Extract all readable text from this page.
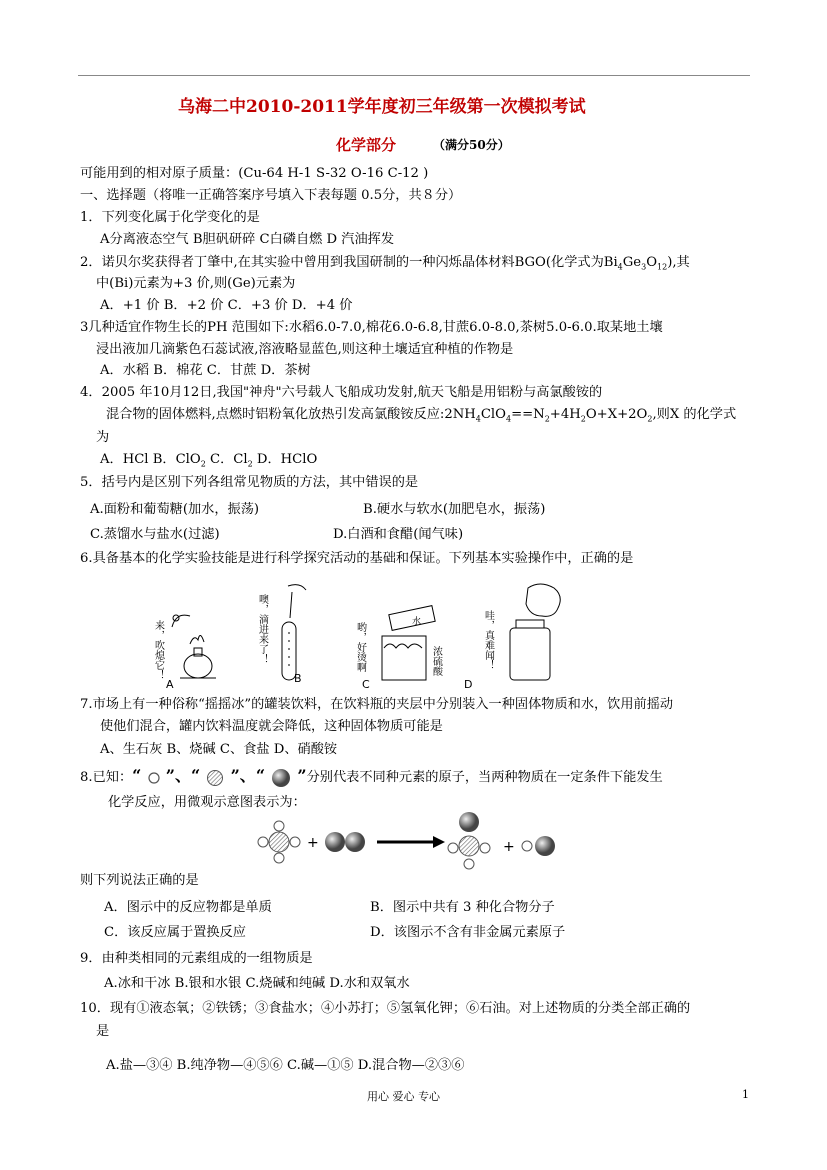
乌海二中2010-2011学年度初三年级第一次模拟考试
化学部分	（满分50分）
可能用到的相对原子质量：(Cu-64 H-1 S-32 O-16 C-12 )
一、选择题（将唯一正确答案序号填入下表每题 0.5分，共８分）
1．下列变化属于化学变化的是
A分离液态空气 B胆矾研碎 C白磷自燃 D 汽油挥发
2．诺贝尔奖获得者丁肇中,在其实验中曾用到我国研制的一种闪烁晶体材料BGO(化学式为$Bi_4Ge_3O_{12}$),其
中(Bi)元素为+3 价,则(Ge)元素为
A．+1 价 B．+2 价 C．+3 价 D．+4 价
3几种适宜作物生长的PH 范围如下:水稻6.0-7.0,棉花6.0-6.8,甘蔗6.0-8.0,茶树5.0-6.0.取某地土壤
浸出液加几滴紫色石蕊试液,溶液略显蓝色,则这种土壤适宜种植的作物是
A．水稻 B．棉花 C．甘蔗 D．茶树
4．2005 年10月12日,我国"神舟"六号载人飞船成功发射,航天飞船是用铝粉与高氯酸铵的
混合物的固体燃料,点燃时铝粉氧化放热引发高氯酸铵反应$:2NH_4ClO_4==N_2+4H_2O+X+2O_2$,则X 的化学式
为
A．HCl B．ClO$_2$ C．$Cl_2$ D．HClO
5．括号内是区别下列各组常见物质的方法，其中错误的是
A.面粉和葡萄糖(加水，振荡)	B.硬水与软水(加肥皂水，振荡)
C.蒸馏水与盐水(过滤)	D.白酒和食醋(闻气味)
6.具备基本的化学实验技能是进行科学探究活动的基础和保证。下列基本实验操作中，正确的是
来，吹熄它！	噢，滴进来了！	哟，好烫啊	水
浓硫酸	哇，真难闻！
A	B	C	D
7.市场上有一种俗称“摇摇冰”的罐装饮料，在饮料瓶的夹层中分别装入一种固体物质和水，饮用前摇动
使他们混合，罐内饮料温度就会降低，这种固体物质可能是
A、生石灰 B、烧碱 C、食盐 D、硝酸铵
8.已知：“ ”、“ ”、“ ”分别代表不同种元素的原子，当两种物质在一定条件下能发生
化学反应，用微观示意图表示为：
+	+
则下列说法正确的是
A．图示中的反应物都是单质	B．图示中共有 3 种化合物分子
C．该反应属于置换反应	D．该图示不含有非金属元素原子
9．由种类相同的元素组成的一组物质是
A.冰和干冰 B.银和水银 C.烧碱和纯碱 D.水和双氧水
10．现有①液态氧；②铁锈；③食盐水；④小苏打；⑤氢氧化钾；⑥石油。对上述物质的分类全部正确的
是
A.盐—③④ B.纯净物—④⑤⑥ C.碱—①⑤ D.混合物—②③⑥
用心 爱心 专心	1
